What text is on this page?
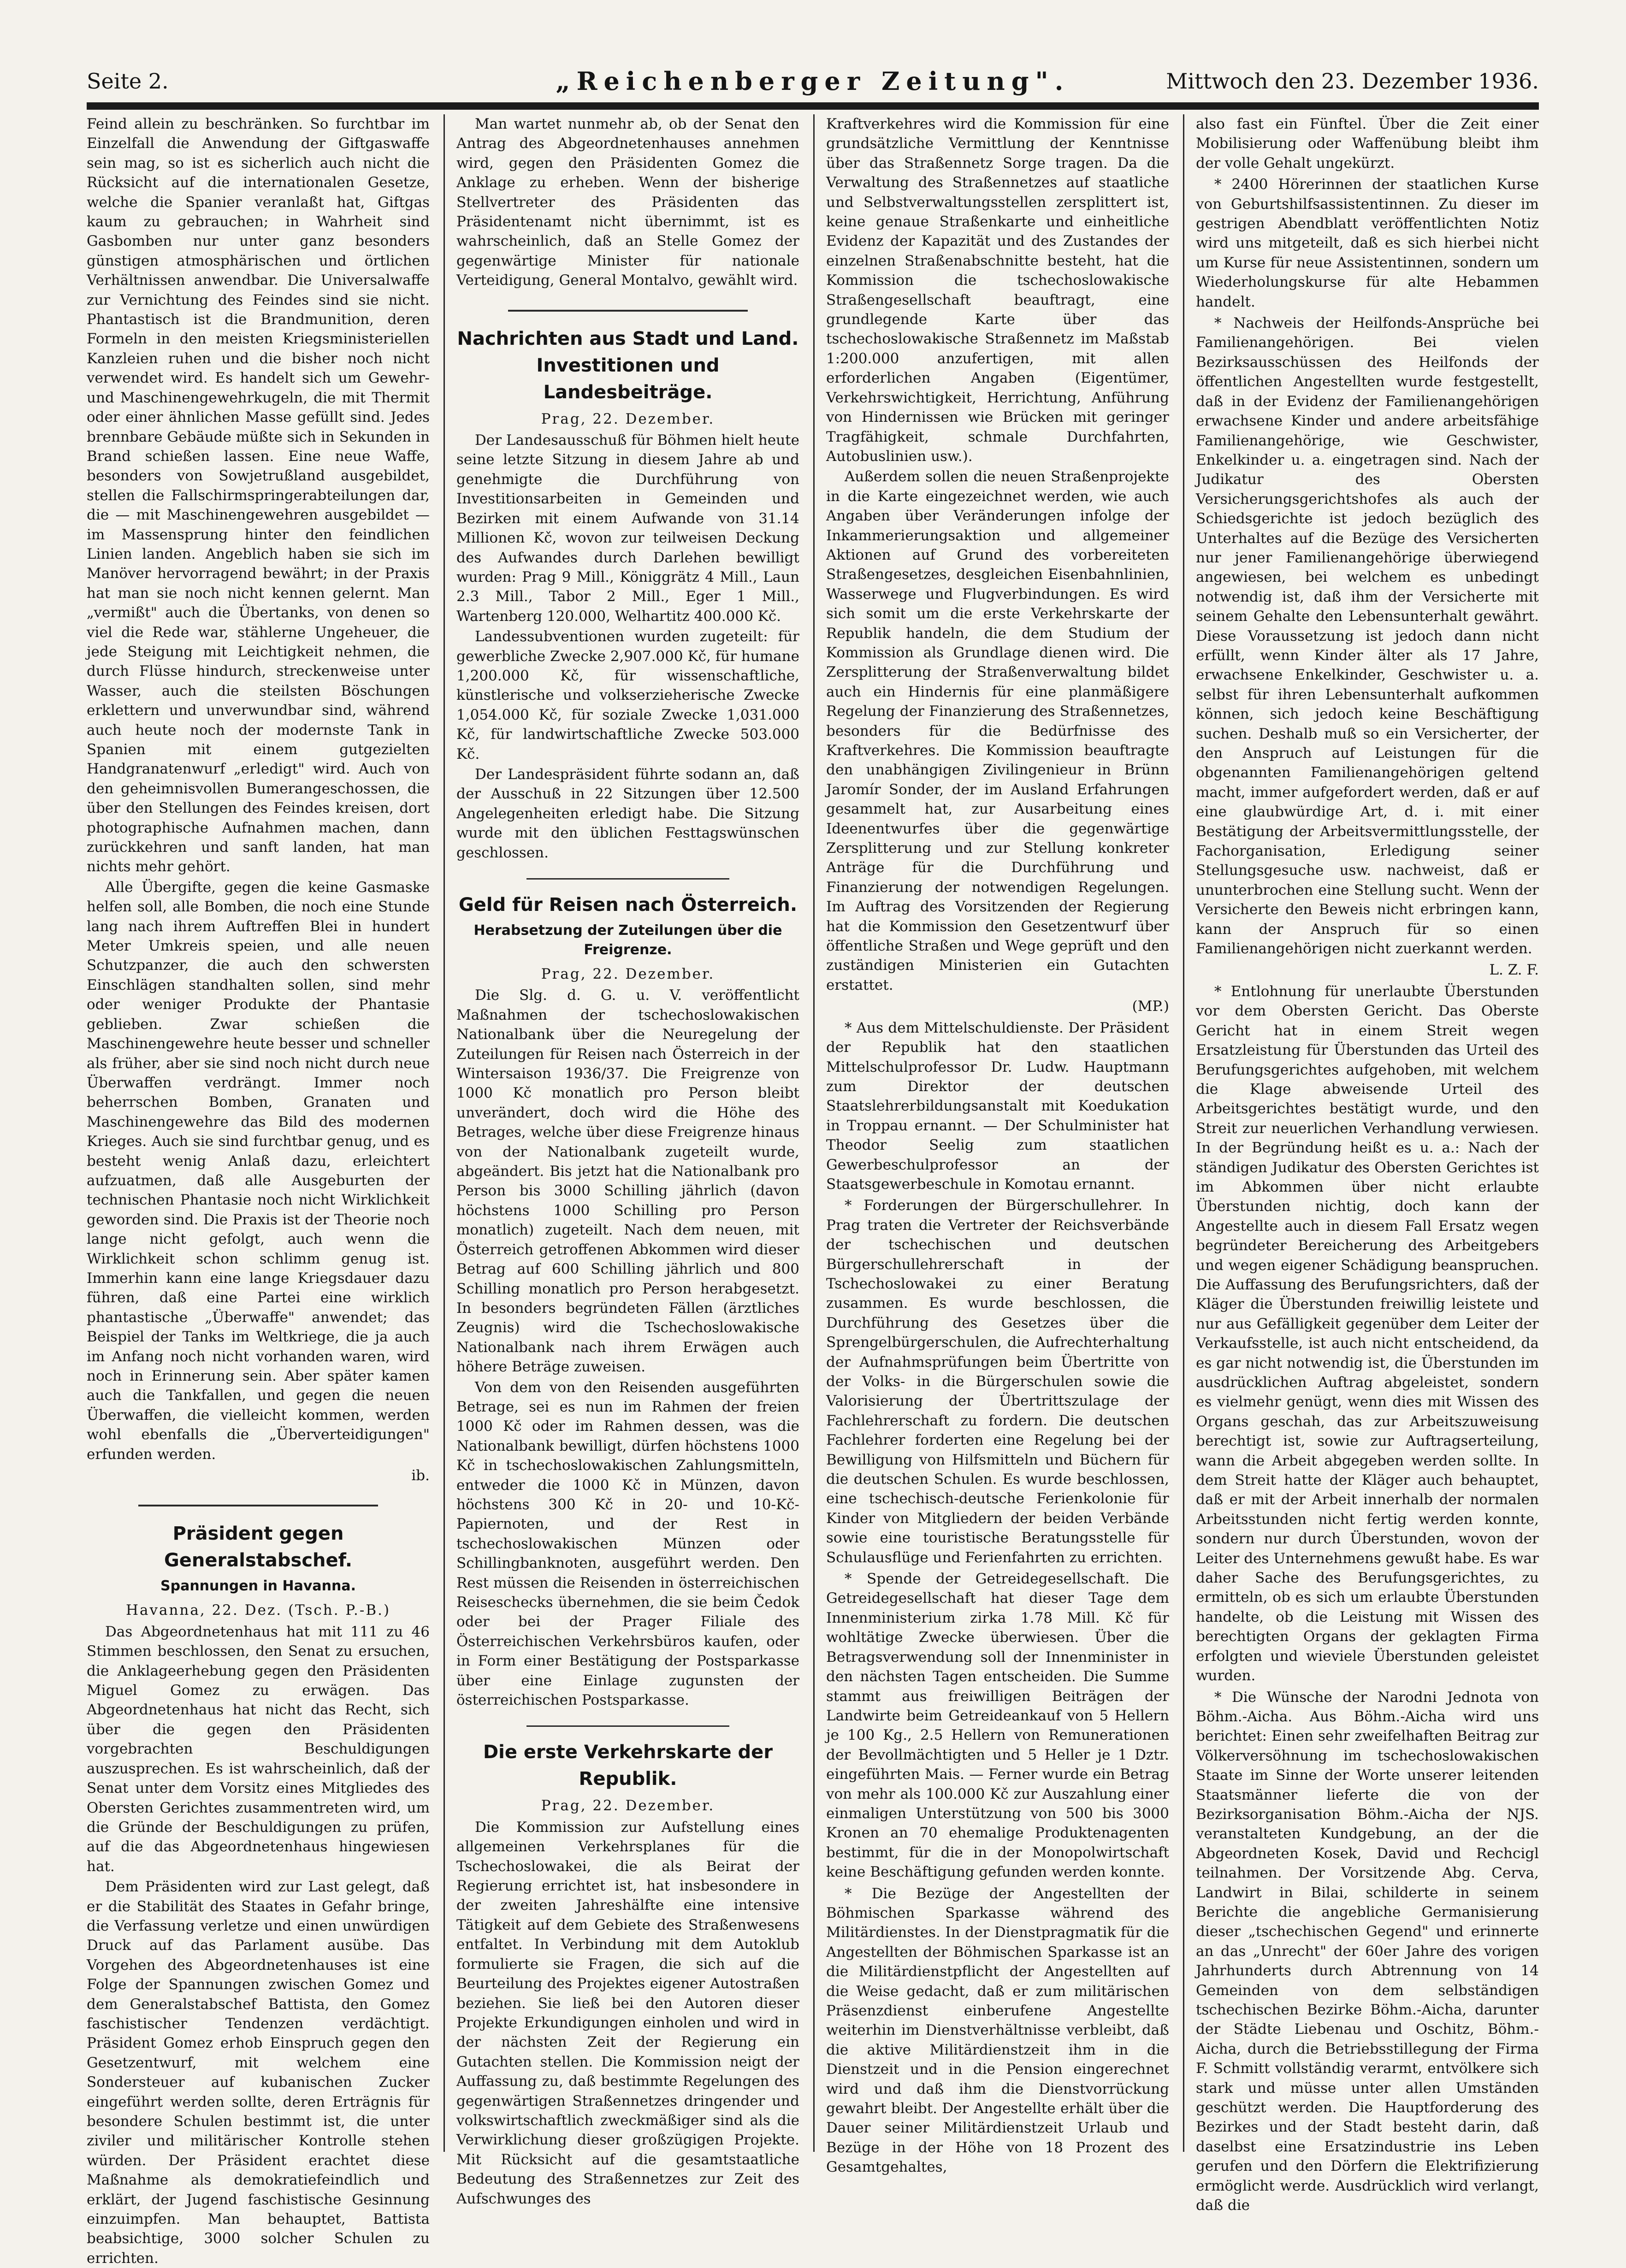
„Reichenberger Zeitung".
Seite 2.	Mittwoch den 23. Dezember 1936.

Feind allein zu beschränken. So furchtbar im Einzelfall die Anwendung der Giftgaswaffe sein mag, so ist es sicherlich auch nicht die Rücksicht auf die internationalen Gesetze, welche die Spanier veranlaßt hat, Giftgas kaum zu gebrauchen; in Wahrheit sind Gasbomben nur unter ganz besonders günstigen atmosphärischen und örtlichen Verhältnissen anwendbar. Die Universalwaffe zur Vernichtung des Feindes sind sie nicht. Phantastisch ist die Brandmunition, deren Formeln in den meisten Kriegsministeriellen Kanzleien ruhen und die bisher noch nicht verwendet wird. Es handelt sich um Gewehr- und Maschinengewehrkugeln, die mit Thermit oder einer ähnlichen Masse gefüllt sind. Jedes brennbare Gebäude müßte sich in Sekunden in Brand schießen lassen. Eine neue Waffe, besonders von Sowjetrußland ausgebildet, stellen die Fallschirmspringerabteilungen dar, die — mit Maschinengewehren ausgebildet — im Massensprung hinter den feindlichen Linien landen. Angeblich haben sie sich im Manöver hervorragend bewährt; in der Praxis hat man sie noch nicht kennen gelernt. Man „vermißt" auch die Übertanks, von denen so viel die Rede war, stählerne Ungeheuer, die jede Steigung mit Leichtigkeit nehmen, die durch Flüsse hindurch, streckenweise unter Wasser, auch die steilsten Böschungen erklettern und unverwundbar sind, während auch heute noch der modernste Tank in Spanien mit einem gutgezielten Handgranatenwurf „erledigt" wird. Auch von den geheimnisvollen Bumerangeschossen, die über den Stellungen des Feindes kreisen, dort photographische Aufnahmen machen, dann zurückkehren und sanft landen, hat man nichts mehr gehört.

Alle Übergifte, gegen die keine Gasmaske helfen soll, alle Bomben, die noch eine Stunde lang nach ihrem Auftreffen Blei in hundert Meter Umkreis speien, und alle neuen Schutzpanzer, die auch den schwersten Einschlägen standhalten sollen, sind mehr oder weniger Produkte der Phantasie geblieben. Zwar schießen die Maschinengewehre heute besser und schneller als früher, aber sie sind noch nicht durch neue Überwaffen verdrängt. Immer noch beherrschen Bomben, Granaten und Maschinengewehre das Bild des modernen Krieges. Auch sie sind furchtbar genug, und es besteht wenig Anlaß dazu, erleichtert aufzuatmen, daß alle Ausgeburten der technischen Phantasie noch nicht Wirklichkeit geworden sind. Die Praxis ist der Theorie noch lange nicht gefolgt, auch wenn die Wirklichkeit schon schlimm genug ist. Immerhin kann eine lange Kriegsdauer dazu führen, daß eine Partei eine wirklich phantastische „Überwaffe" anwendet; das Beispiel der Tanks im Weltkriege, die ja auch im Anfang noch nicht vorhanden waren, wird noch in Erinnerung sein. Aber später kamen auch die Tankfallen, und gegen die neuen Überwaffen, die vielleicht kommen, werden wohl ebenfalls die „Überverteidigungen" erfunden werden.

ib.
Präsident gegen Generalstabschef.
Spannungen in Havanna.
Havanna, 22. Dez. (Tsch. P.-B.)

Das Abgeordnetenhaus hat mit 111 zu 46 Stimmen beschlossen, den Senat zu ersuchen, die Anklageerhebung gegen den Präsidenten Miguel Gomez zu erwägen. Das Abgeordnetenhaus hat nicht das Recht, sich über die gegen den Präsidenten vorgebrachten Beschuldigungen auszusprechen. Es ist wahrscheinlich, daß der Senat unter dem Vorsitz eines Mitgliedes des Obersten Gerichtes zusammentreten wird, um die Gründe der Beschuldigungen zu prüfen, auf die das Abgeordnetenhaus hingewiesen hat.

Dem Präsidenten wird zur Last gelegt, daß er die Stabilität des Staates in Gefahr bringe, die Verfassung verletze und einen unwürdigen Druck auf das Parlament ausübe. Das Vorgehen des Abgeordnetenhauses ist eine Folge der Spannungen zwischen Gomez und dem Generalstabschef Battista, den Gomez faschistischer Tendenzen verdächtigt. Präsident Gomez erhob Einspruch gegen den Gesetzentwurf, mit welchem eine Sondersteuer auf kubanischen Zucker eingeführt werden sollte, deren Erträgnis für besondere Schulen bestimmt ist, die unter ziviler und militärischer Kontrolle stehen würden. Der Präsident erachtet diese Maßnahme als demokratiefeindlich und erklärt, der Jugend faschistische Gesinnung einzuimpfen. Man behauptet, Battista beabsichtige, 3000 solcher Schulen zu errichten.

Man wartet nunmehr ab, ob der Senat den Antrag des Abgeordnetenhauses annehmen wird, gegen den Präsidenten Gomez die Anklage zu erheben. Wenn der bisherige Stellvertreter des Präsidenten das Präsidentenamt nicht übernimmt, ist es wahrscheinlich, daß an Stelle Gomez der gegenwärtige Minister für nationale Verteidigung, General Montalvo, gewählt wird.

Nachrichten aus Stadt und Land.
Investitionen und Landesbeiträge.
Prag, 22. Dezember.

Der Landesausschuß für Böhmen hielt heute seine letzte Sitzung in diesem Jahre ab und genehmigte die Durchführung von Investitionsarbeiten in Gemeinden und Bezirken mit einem Aufwande von 31.14 Millionen Kč, wovon zur teilweisen Deckung des Aufwandes durch Darlehen bewilligt wurden: Prag 9 Mill., Königgrätz 4 Mill., Laun 2.3 Mill., Tabor 2 Mill., Eger 1 Mill., Wartenberg 120.000, Welhartitz 400.000 Kč.

Landessubventionen wurden zugeteilt: für gewerbliche Zwecke 2,907.000 Kč, für humane 1,200.000 Kč, für wissenschaftliche, künstlerische und volkserzieherische Zwecke 1,054.000 Kč, für soziale Zwecke 1,031.000 Kč, für landwirtschaftliche Zwecke 503.000 Kč.

Der Landespräsident führte sodann an, daß der Ausschuß in 22 Sitzungen über 12.500 Angelegenheiten erledigt habe. Die Sitzung wurde mit den üblichen Festtagswünschen geschlossen.

Geld für Reisen nach Österreich.
Herabsetzung der Zuteilungen über die Freigrenze.
Prag, 22. Dezember.

Die Slg. d. G. u. V. veröffentlicht Maßnahmen der tschechoslowakischen Nationalbank über die Neuregelung der Zuteilungen für Reisen nach Österreich in der Wintersaison 1936/37. Die Freigrenze von 1000 Kč monatlich pro Person bleibt unverändert, doch wird die Höhe des Betrages, welche über diese Freigrenze hinaus von der Nationalbank zugeteilt wurde, abgeändert. Bis jetzt hat die Nationalbank pro Person bis 3000 Schilling jährlich (davon höchstens 1000 Schilling pro Person monatlich) zugeteilt. Nach dem neuen, mit Österreich getroffenen Abkommen wird dieser Betrag auf 600 Schilling jährlich und 800 Schilling monatlich pro Person herabgesetzt. In besonders begründeten Fällen (ärztliches Zeugnis) wird die Tschechoslowakische Nationalbank nach ihrem Erwägen auch höhere Beträge zuweisen.

Von dem von den Reisenden ausgeführten Betrage, sei es nun im Rahmen der freien 1000 Kč oder im Rahmen dessen, was die Nationalbank bewilligt, dürfen höchstens 1000 Kč in tschechoslowakischen Zahlungsmitteln, entweder die 1000 Kč in Münzen, davon höchstens 300 Kč in 20- und 10-Kč-Papiernoten, und der Rest in tschechoslowakischen Münzen oder Schillingbanknoten, ausgeführt werden. Den Rest müssen die Reisenden in österreichischen Reiseschecks übernehmen, die sie beim Čedok oder bei der Prager Filiale des Österreichischen Verkehrsbüros kaufen, oder in Form einer Bestätigung der Postsparkasse über eine Einlage zugunsten der österreichischen Postsparkasse.

Die erste Verkehrskarte der Republik.
Prag, 22. Dezember.

Die Kommission zur Aufstellung eines allgemeinen Verkehrsplanes für die Tschechoslowakei, die als Beirat der Regierung errichtet ist, hat insbesondere in der zweiten Jahreshälfte eine intensive Tätigkeit auf dem Gebiete des Straßenwesens entfaltet. In Verbindung mit dem Autoklub formulierte sie Fragen, die sich auf die Beurteilung des Projektes eigener Autostraßen beziehen. Sie ließ bei den Autoren dieser Projekte Erkundigungen einholen und wird in der nächsten Zeit der Regierung ein Gutachten stellen. Die Kommission neigt der Auffassung zu, daß bestimmte Regelungen des gegenwärtigen Straßennetzes dringender und volkswirtschaftlich zweckmäßiger sind als die Verwirklichung dieser großzügigen Projekte. Mit Rücksicht auf die gesamtstaatliche Bedeutung des Straßennetzes zur Zeit des Aufschwunges des

Kraftverkehres wird die Kommission für eine grundsätzliche Vermittlung der Kenntnisse über das Straßennetz Sorge tragen. Da die Verwaltung des Straßennetzes auf staatliche und Selbstverwaltungsstellen zersplittert ist, keine genaue Straßenkarte und einheitliche Evidenz der Kapazität und des Zustandes der einzelnen Straßenabschnitte besteht, hat die Kommission die tschechoslowakische Straßengesellschaft beauftragt, eine grundlegende Karte über das tschechoslowakische Straßennetz im Maßstab 1:200.000 anzufertigen, mit allen erforderlichen Angaben (Eigentümer, Verkehrswichtigkeit, Herrichtung, Anführung von Hindernissen wie Brücken mit geringer Tragfähigkeit, schmale Durchfahrten, Autobuslinien usw.).

Außerdem sollen die neuen Straßenprojekte in die Karte eingezeichnet werden, wie auch Angaben über Veränderungen infolge der Inkammerierungsaktion und allgemeiner Aktionen auf Grund des vorbereiteten Straßengesetzes, desgleichen Eisenbahnlinien, Wasserwege und Flugverbindungen. Es wird sich somit um die erste Verkehrskarte der Republik handeln, die dem Studium der Kommission als Grundlage dienen wird. Die Zersplitterung der Straßenverwaltung bildet auch ein Hindernis für eine planmäßigere Regelung der Finanzierung des Straßennetzes, besonders für die Bedürfnisse des Kraftverkehres. Die Kommission beauftragte den unabhängigen Zivilingenieur in Brünn Jaromír Sonder, der im Ausland Erfahrungen gesammelt hat, zur Ausarbeitung eines Ideenentwurfes über die gegenwärtige Zersplitterung und zur Stellung konkreter Anträge für die Durchführung und Finanzierung der notwendigen Regelungen. Im Auftrag des Vorsitzenden der Regierung hat die Kommission den Gesetzentwurf über öffentliche Straßen und Wege geprüft und den zuständigen Ministerien ein Gutachten erstattet.

(MP.)

* Aus dem Mittelschuldienste. Der Präsident der Republik hat den staatlichen Mittelschulprofessor Dr. Ludw. Hauptmann zum Direktor der deutschen Staatslehrerbildungsanstalt mit Koedukation in Troppau ernannt. — Der Schulminister hat Theodor Seelig zum staatlichen Gewerbeschulprofessor an der Staatsgewerbeschule in Komotau ernannt.

* Forderungen der Bürgerschullehrer. In Prag traten die Vertreter der Reichsverbände der tschechischen und deutschen Bürgerschullehrerschaft in der Tschechoslowakei zu einer Beratung zusammen. Es wurde beschlossen, die Durchführung des Gesetzes über die Sprengelbürgerschulen, die Aufrechterhaltung der Aufnahmsprüfungen beim Übertritte von der Volks- in die Bürgerschulen sowie die Valorisierung der Übertrittszulage der Fachlehrerschaft zu fordern. Die deutschen Fachlehrer forderten eine Regelung bei der Bewilligung von Hilfsmitteln und Büchern für die deutschen Schulen. Es wurde beschlossen, eine tschechisch-deutsche Ferienkolonie für Kinder von Mitgliedern der beiden Verbände sowie eine touristische Beratungsstelle für Schulausflüge und Ferienfahrten zu errichten.

* Spende der Getreidegesellschaft. Die Getreidegesellschaft hat dieser Tage dem Innenministerium zirka 1.78 Mill. Kč für wohltätige Zwecke überwiesen. Über die Betragsverwendung soll der Innenminister in den nächsten Tagen entscheiden. Die Summe stammt aus freiwilligen Beiträgen der Landwirte beim Getreideankauf von 5 Hellern je 100 Kg., 2.5 Hellern von Remunerationen der Bevollmächtigten und 5 Heller je 1 Dztr. eingeführten Mais. — Ferner wurde ein Betrag von mehr als 100.000 Kč zur Auszahlung einer einmaligen Unterstützung von 500 bis 3000 Kronen an 70 ehemalige Produktenagenten bestimmt, für die in der Monopolwirtschaft keine Beschäftigung gefunden werden konnte.

* Die Bezüge der Angestellten der Böhmischen Sparkasse während des Militärdienstes. In der Dienstpragmatik für die Angestellten der Böhmischen Sparkasse ist an die Militärdienstpflicht der Angestellten auf die Weise gedacht, daß er zum militärischen Präsenzdienst einberufene Angestellte weiterhin im Dienstverhältnisse verbleibt, daß die aktive Militärdienstzeit ihm in die Dienstzeit und in die Pension eingerechnet wird und daß ihm die Dienstvorrückung gewahrt bleibt. Der Angestellte erhält über die Dauer seiner Militärdienstzeit Urlaub und Bezüge in der Höhe von 18 Prozent des Gesamtgehaltes,

also fast ein Fünftel. Über die Zeit einer Mobilisierung oder Waffenübung bleibt ihm der volle Gehalt ungekürzt.

* 2400 Hörerinnen der staatlichen Kurse von Geburtshilfsassistentinnen. Zu dieser im gestrigen Abendblatt veröffentlichten Notiz wird uns mitgeteilt, daß es sich hierbei nicht um Kurse für neue Assistentinnen, sondern um Wiederholungskurse für alte Hebammen handelt.

* Nachweis der Heilfonds-Ansprüche bei Familienangehörigen. Bei vielen Bezirksausschüssen des Heilfonds der öffentlichen Angestellten wurde festgestellt, daß in der Evidenz der Familienangehörigen erwachsene Kinder und andere arbeitsfähige Familienangehörige, wie Geschwister, Enkelkinder u. a. eingetragen sind. Nach der Judikatur des Obersten Versicherungsgerichtshofes als auch der Schiedsgerichte ist jedoch bezüglich des Unterhaltes auf die Bezüge des Versicherten nur jener Familienangehörige überwiegend angewiesen, bei welchem es unbedingt notwendig ist, daß ihm der Versicherte mit seinem Gehalte den Lebensunterhalt gewährt. Diese Voraussetzung ist jedoch dann nicht erfüllt, wenn Kinder älter als 17 Jahre, erwachsene Enkelkinder, Geschwister u. a. selbst für ihren Lebensunterhalt aufkommen können, sich jedoch keine Beschäftigung suchen. Deshalb muß so ein Versicherter, der den Anspruch auf Leistungen für die obgenannten Familienangehörigen geltend macht, immer aufgefordert werden, daß er auf eine glaubwürdige Art, d. i. mit einer Bestätigung der Arbeitsvermittlungsstelle, der Fachorganisation, Erledigung seiner Stellungsgesuche usw. nachweist, daß er ununterbrochen eine Stellung sucht. Wenn der Versicherte den Beweis nicht erbringen kann, kann der Anspruch für so einen Familienangehörigen nicht zuerkannt werden.

L. Z. F.

* Entlohnung für unerlaubte Überstunden vor dem Obersten Gericht. Das Oberste Gericht hat in einem Streit wegen Ersatzleistung für Überstunden das Urteil des Berufungsgerichtes aufgehoben, mit welchem die Klage abweisende Urteil des Arbeitsgerichtes bestätigt wurde, und den Streit zur neuerlichen Verhandlung verwiesen. In der Begründung heißt es u. a.: Nach der ständigen Judikatur des Obersten Gerichtes ist im Abkommen über nicht erlaubte Überstunden nichtig, doch kann der Angestellte auch in diesem Fall Ersatz wegen begründeter Bereicherung des Arbeitgebers und wegen eigener Schädigung beanspruchen. Die Auffassung des Berufungsrichters, daß der Kläger die Überstunden freiwillig leistete und nur aus Gefälligkeit gegenüber dem Leiter der Verkaufsstelle, ist auch nicht entscheidend, da es gar nicht notwendig ist, die Überstunden im ausdrücklichen Auftrag abgeleistet, sondern es vielmehr genügt, wenn dies mit Wissen des Organs geschah, das zur Arbeitszuweisung berechtigt ist, sowie zur Auftragserteilung, wann die Arbeit abgegeben werden sollte. In dem Streit hatte der Kläger auch behauptet, daß er mit der Arbeit innerhalb der normalen Arbeitsstunden nicht fertig werden konnte, sondern nur durch Überstunden, wovon der Leiter des Unternehmens gewußt habe. Es war daher Sache des Berufungsgerichtes, zu ermitteln, ob es sich um erlaubte Überstunden handelte, ob die Leistung mit Wissen des berechtigten Organs der geklagten Firma erfolgten und wieviele Überstunden geleistet wurden.

* Die Wünsche der Narodni Jednota von Böhm.-Aicha. Aus Böhm.-Aicha wird uns berichtet: Einen sehr zweifelhaften Beitrag zur Völkerversöhnung im tschechoslowakischen Staate im Sinne der Worte unserer leitenden Staatsmänner lieferte die von der Bezirksorganisation Böhm.-Aicha der NJS. veranstalteten Kundgebung, an der die Abgeordneten Kosek, David und Rechcigl teilnahmen. Der Vorsitzende Abg. Cerva, Landwirt in Bilai, schilderte in seinem Berichte die angebliche Germanisierung dieser „tschechischen Gegend" und erinnerte an das „Unrecht" der 60er Jahre des vorigen Jahrhunderts durch Abtrennung von 14 Gemeinden von dem selbständigen tschechischen Bezirke Böhm.-Aicha, darunter der Städte Liebenau und Oschitz, Böhm.-Aicha, durch die Betriebsstillegung der Firma F. Schmitt vollständig verarmt, entvölkere sich stark und müsse unter allen Umständen geschützt werden. Die Hauptforderung des Bezirkes und der Stadt besteht darin, daß daselbst eine Ersatzindustrie ins Leben gerufen und den Dörfern die Elektrifizierung ermöglicht werde. Ausdrücklich wird verlangt, daß die
